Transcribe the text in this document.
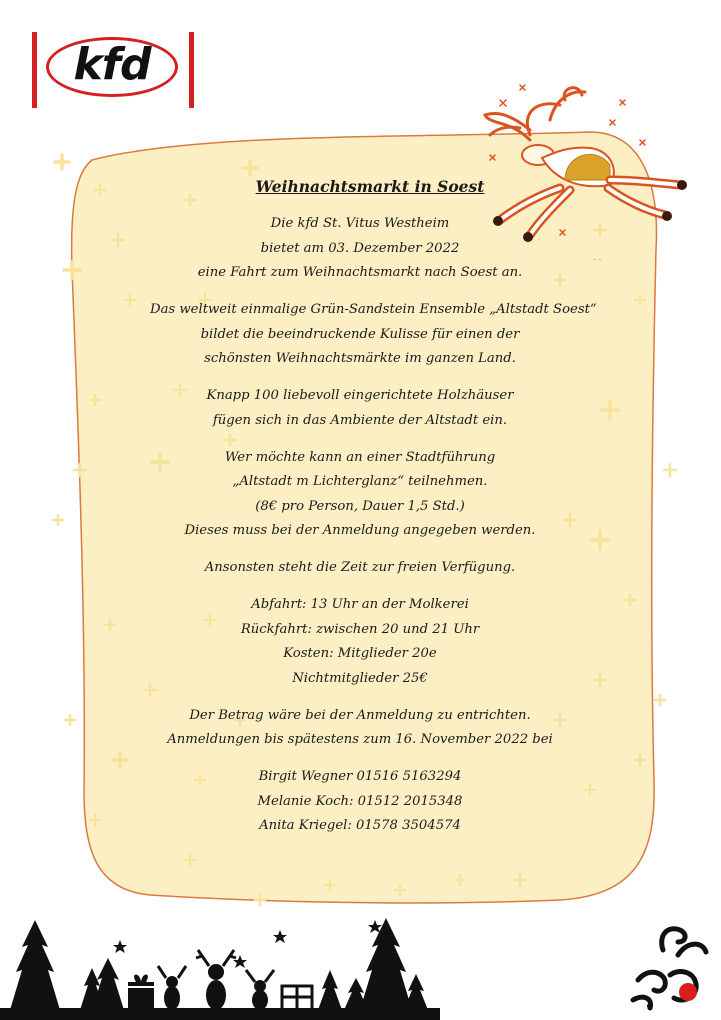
kfd
Weihnachtsmarkt in Soest
Die kfd St. Vitus Westheim
bietet am 03. Dezember 2022
eine Fahrt zum Weihnachtsmarkt nach Soest an.
Das weltweit einmalige Grün-Sandstein Ensemble „Altstadt Soest“
bildet die beeindruckende Kulisse für einen der
schönsten Weihnachtsmärkte im ganzen Land.
Knapp 100 liebevoll eingerichtete Holzhäuser
fügen sich in das Ambiente der Altstadt ein.
Wer möchte kann an einer Stadtführung
„Altstadt m Lichterglanz“ teilnehmen.
(8€ pro Person, Dauer 1,5 Std.)
Dieses muss bei der Anmeldung angegeben werden.
Ansonsten steht die Zeit zur freien Verfügung.
Abfahrt: 13 Uhr an der Molkerei
Rückfahrt: zwischen 20 und 21 Uhr
Kosten: Mitglieder 20e
Nichtmitglieder 25€
Der Betrag wäre bei der Anmeldung zu entrichten.
Anmeldungen bis spätestens zum 16. November 2022 bei
Birgit Wegner 01516 5163294
Melanie Koch: 01512 2015348
Anita Kriegel: 01578 3504574
